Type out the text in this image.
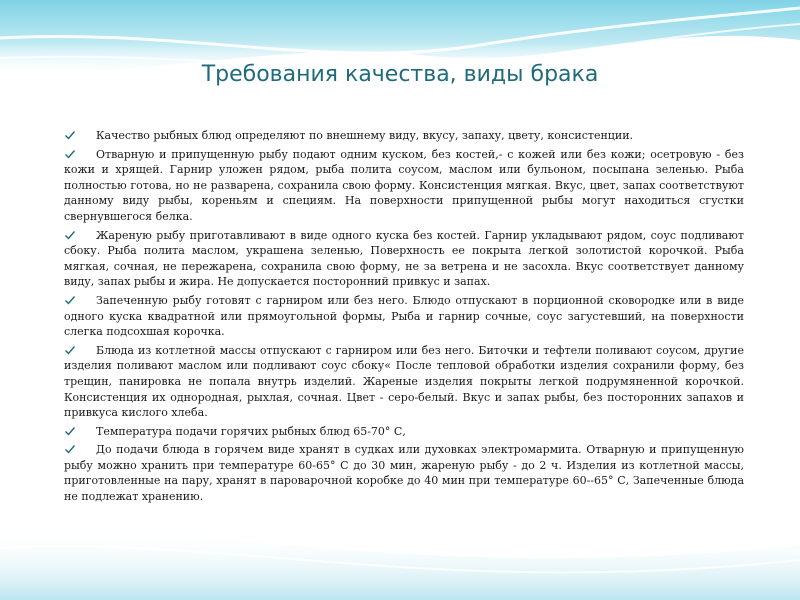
Требования качества, виды брака
Качество рыбных блюд определяют по внешнему виду, вкусу, запаху, цвету, консистенции.
Отварную и припущенную рыбу подают одним куском, без костей,- с кожей или без кожи; осетровую - без кожи и хрящей. Гарнир уложен рядом, рыба полита соусом, маслом или бульоном, посыпана зеленью. Рыба полностью готова, но не разварена, сохранила свою форму. Консистенция мягкая. Вкус, цвет, запах соответствуют данному виду рыбы, кореньям и специям. На поверхности припущенной рыбы могут находиться сгустки свернувшегося белка.
Жареную рыбу приготавливают в виде одного куска без костей. Гарнир укладывают рядом, соус подливают сбоку. Рыба полита маслом, украшена зеленью, Поверхность ее покрыта легкой золотистой корочкой. Рыба мягкая, сочная, не пережарена, сохранила свою форму, не за ветрена и не засохла. Вкус соответствует данному виду, запах рыбы и жира. Не допускается посторонний привкус и запах.
Запеченную рыбу готовят с гарниром или без него. Блюдо отпускают в порционной сковородке или в виде одного куска квадратной или прямоугольной формы, Рыба и гарнир сочные, соус загустевший, на поверхности слегка подсохшая корочка.
Блюда из котлетной массы отпускают с гарниром или без него. Биточки и тефтели поливают соусом, другие изделия поливают маслом или подливают соус сбоку« После тепловой обработки изделия сохранили форму, без трещин, панировка не попала внутрь изделий. Жареные изделия покрыты легкой подрумяненной корочкой. Консистенция их однородная, рыхлая, сочная. Цвет - серо-белый. Вкус и запах рыбы, без посторонних запахов и привкуса кислого хлеба.
Температура подачи горячих рыбных блюд 65-70° С,
До подачи блюда в горячем виде хранят в судках или духовках электромармита. Отварную и припущенную рыбу можно хранить при температуре 60-65° С до 30 мин, жареную рыбу - до 2 ч. Изделия из котлетной массы, приготовленные на пару, хранят в пароварочной коробке до 40 мин при температуре 60--65° С, Запеченные блюда не подлежат хранению.
